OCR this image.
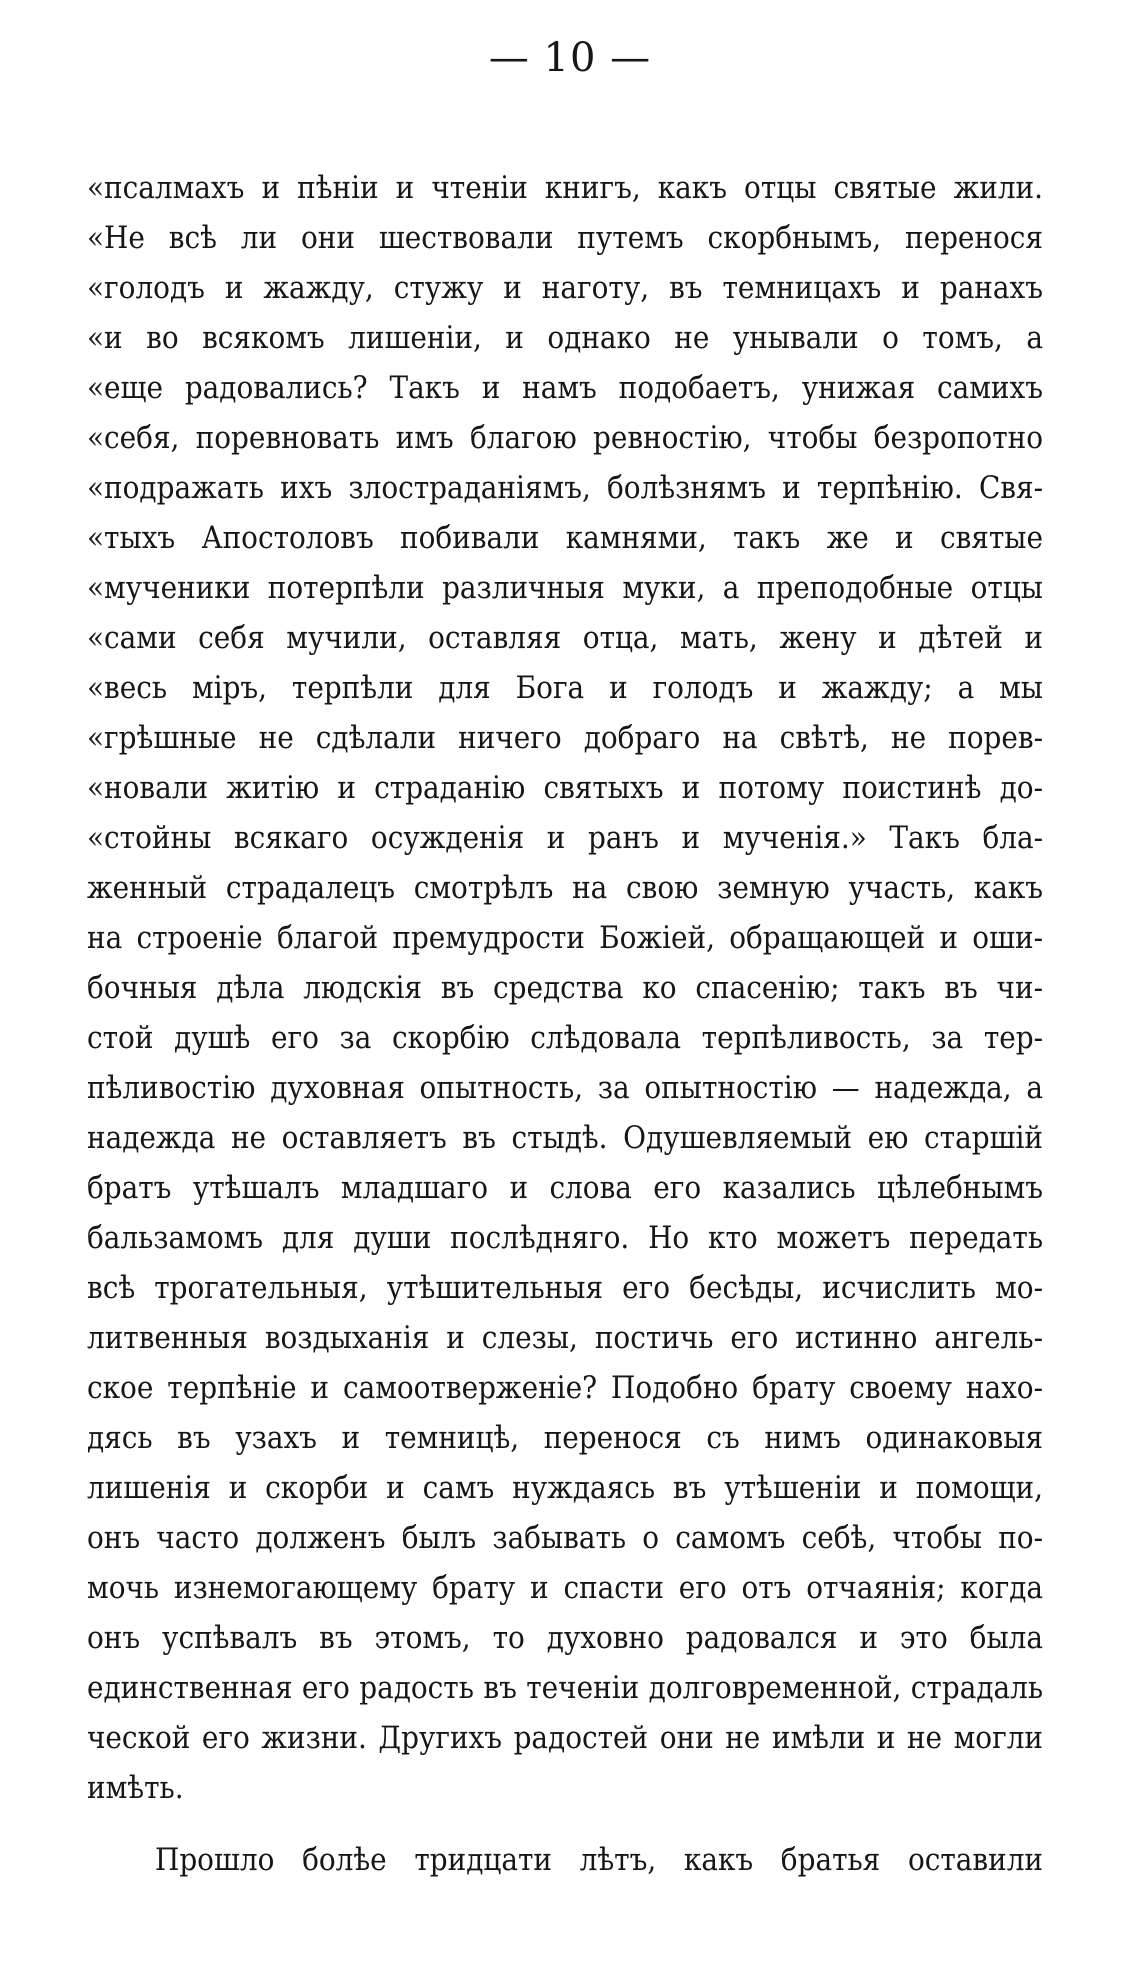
— 10 —
«псалмахъ и пѣніи и чтеніи книгъ, какъ отцы святые жили.
«Не всѣ ли они шествовали путемъ скорбнымъ, перенося
«голодъ и жажду, стужу и наготу, въ темницахъ и ранахъ
«и во всякомъ лишеніи, и однако не унывали о томъ, а
«еще радовались? Такъ и намъ подобаетъ, унижая самихъ
«себя, поревновать имъ благою ревностію, чтобы безропотно
«подражать ихъ злостраданіямъ, болѣзнямъ и терпѣнію. Свя-
«тыхъ Апостоловъ побивали камнями, такъ же и святые
«мученики потерпѣли различныя муки, а преподобные отцы
«сами себя мучили, оставляя отца, мать, жену и дѣтей и
«весь міръ, терпѣли для Бога и голодъ и жажду; а мы
«грѣшные не сдѣлали ничего добраго на свѣтѣ, не порев-
«новали житію и страданію святыхъ и потому поистинѣ до-
«стойны всякаго осужденія и ранъ и мученія.» Такъ бла-
женный страдалецъ смотрѣлъ на свою земную участь, какъ
на строеніе благой премудрости Божіей, обращающей и оши-
бочныя дѣла людскія въ средства ко спасенію; такъ въ чи-
стой душѣ его за скорбію слѣдовала терпѣливость, за тер-
пѣливостію духовная опытность, за опытностію — надежда, а
надежда не оставляетъ въ стыдѣ. Одушевляемый ею старшій
братъ утѣшалъ младшаго и слова его казались цѣлебнымъ
бальзамомъ для души послѣдняго. Но кто можетъ передать
всѣ трогательныя, утѣшительныя его бесѣды, исчислить мо-
литвенныя воздыханія и слезы, постичь его истинно ангель-
ское терпѣніе и самоотверженіе? Подобно брату своему нахо-
дясь въ узахъ и темницѣ, перенося съ нимъ одинаковыя
лишенія и скорби и самъ нуждаясь въ утѣшеніи и помощи,
онъ часто долженъ былъ забывать о самомъ себѣ, чтобы по-
мочь изнемогающему брату и спасти его отъ отчаянія; когда
онъ успѣвалъ въ этомъ, то духовно радовался и это была
единственная его радость въ теченіи долговременной, страдаль
ческой его жизни. Другихъ радостей они не имѣли и не могли
имѣть.
Прошло болѣе тридцати лѣтъ, какъ братья оставили
